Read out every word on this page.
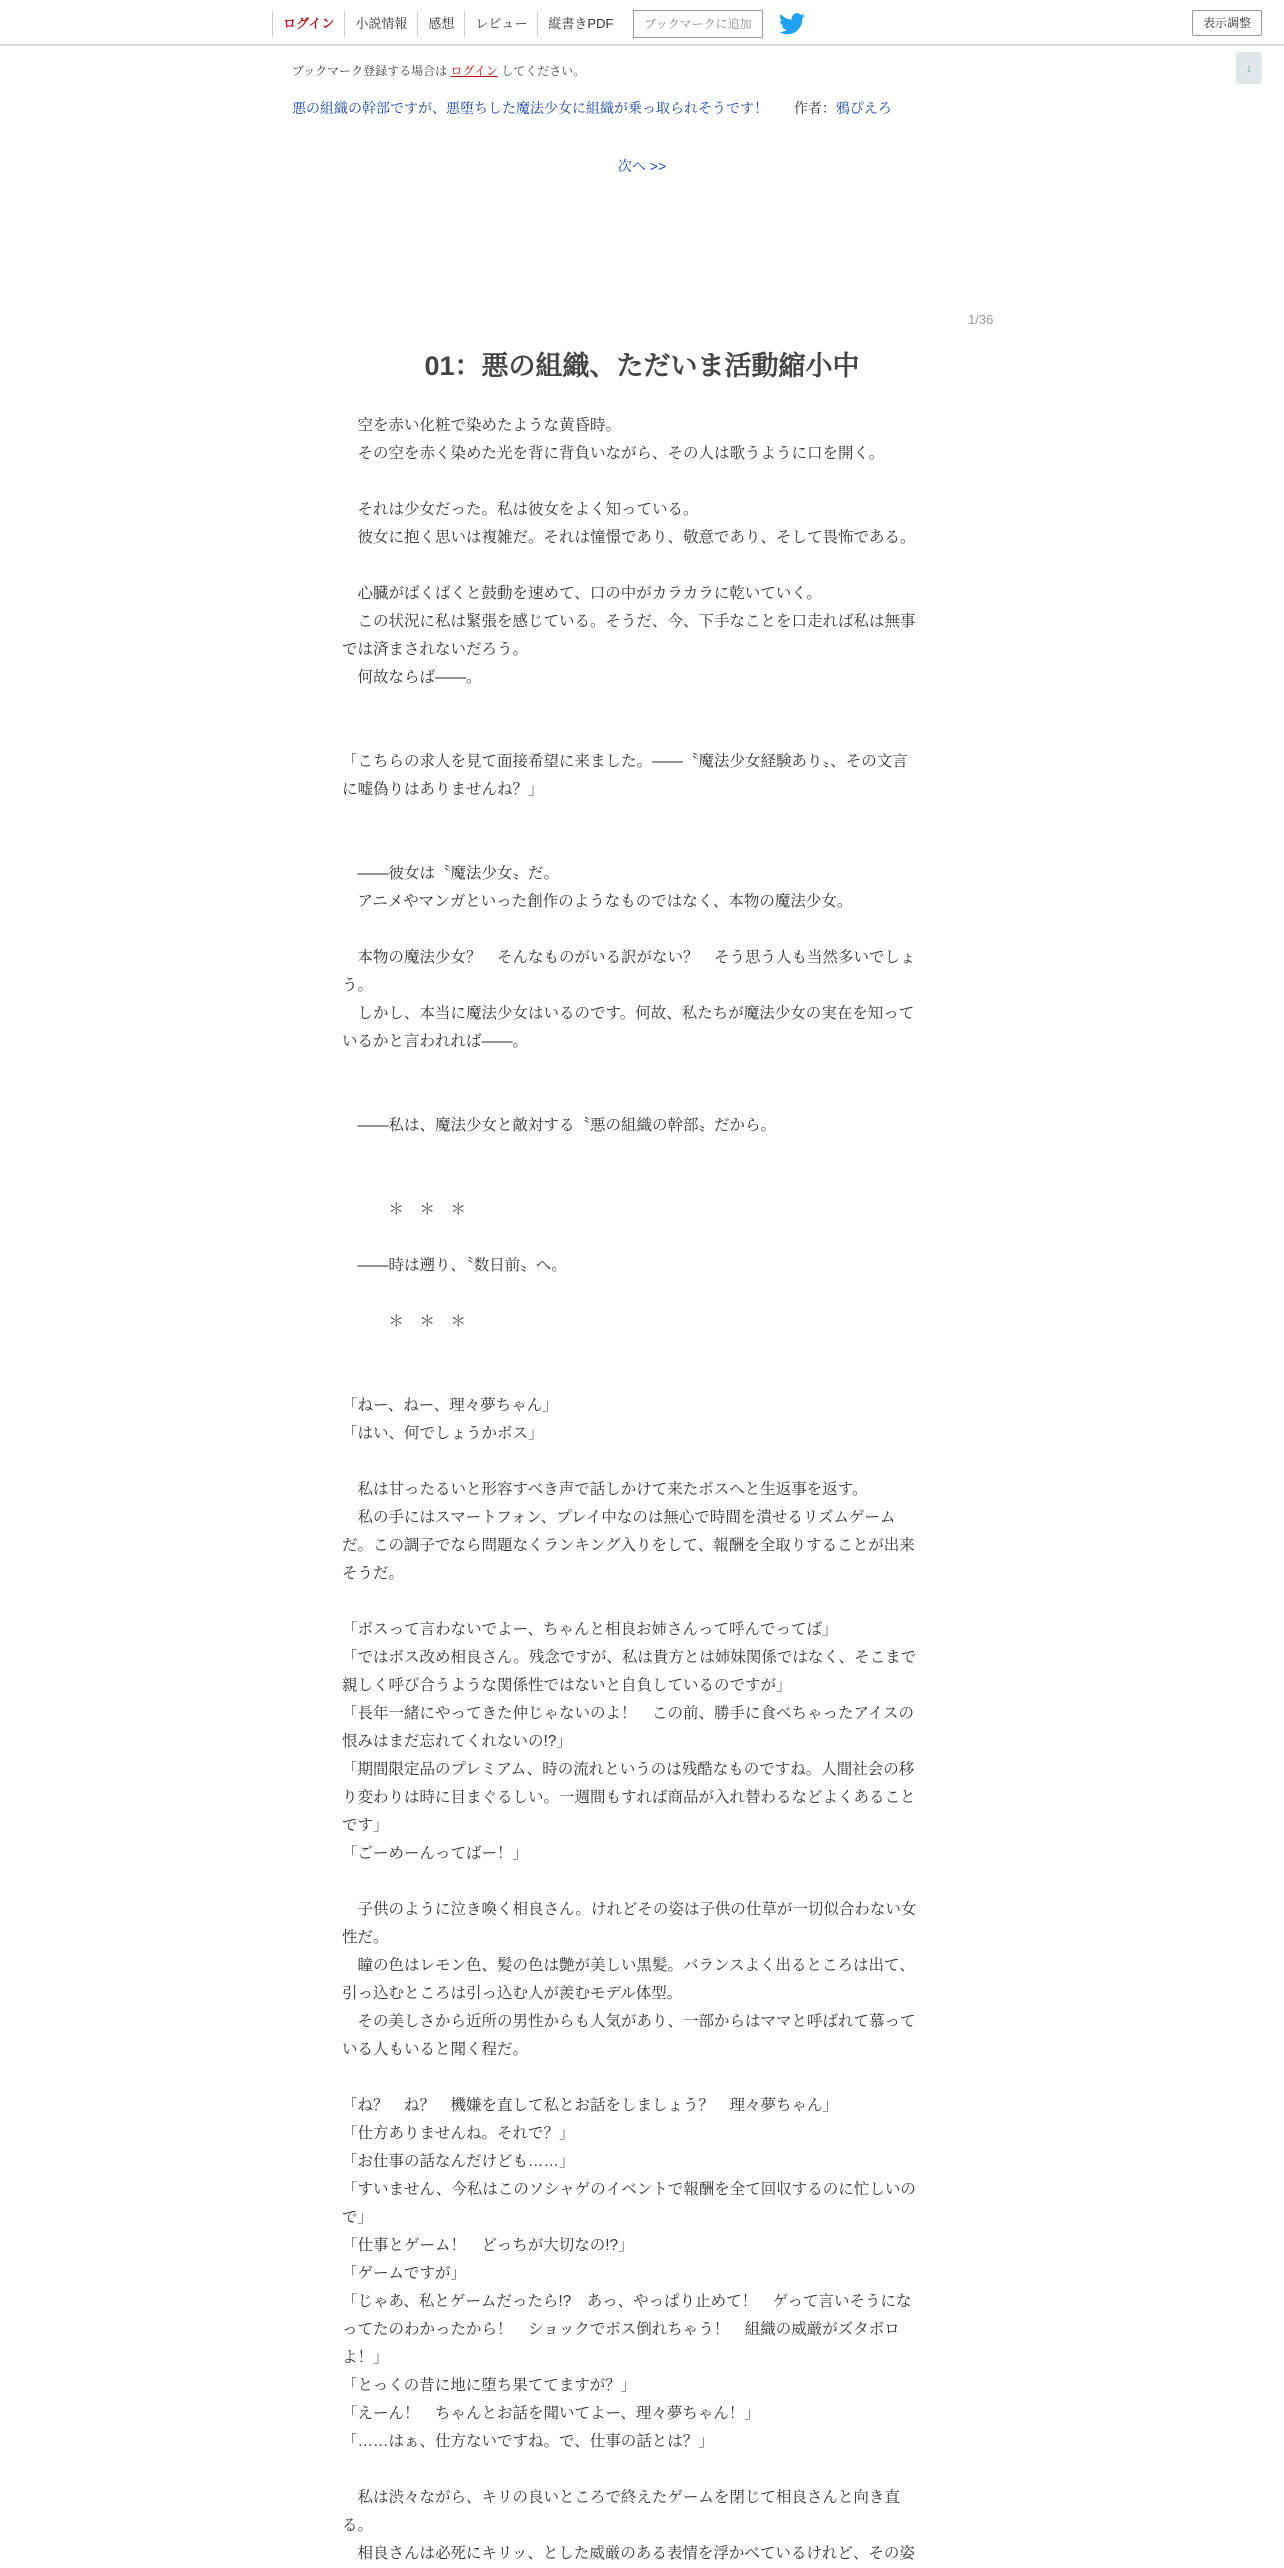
ログイン	小説情報	感想	レビュー	縦書きPDF	ブックマークに追加	表示調整
↓
ブックマーク登録する場合は ログイン してください。
悪の組織の幹部ですが、悪堕ちした魔法少女に組織が乗っ取られそうです！ 作者：鴉ぴえろ
次へ >>
1/36
01：悪の組織、ただいま活動縮小中

　空を赤い化粧で染めたような黄昏時。

　その空を赤く染めた光を背に背負いながら、その人は歌うように口を開く。

　それは少女だった。私は彼女をよく知っている。

　彼女に抱く思いは複雑だ。それは憧憬であり、敬意であり、そして畏怖である。

　心臓がばくばくと鼓動を速めて、口の中がカラカラに乾いていく。

　この状況に私は緊張を感じている。そうだ、今、下手なことを口走れば私は無事

では済まされないだろう。

　何故ならば――。

「こちらの求人を見て面接希望に来ました。――〝魔法少女経験あり〟、その文言

に嘘偽りはありませんね？」

　――彼女は〝魔法少女〟だ。

　アニメやマンガといった創作のようなものではなく、本物の魔法少女。

　本物の魔法少女？　そんなものがいる訳がない？　そう思う人も当然多いでしょ

う。

　しかし、本当に魔法少女はいるのです。何故、私たちが魔法少女の実在を知って

いるかと言われれば――。

　――私は、魔法少女と敵対する〝悪の組織の幹部〟だから。

　　　＊　＊　＊

　――時は遡り、〝数日前〟へ。

　　　＊　＊　＊

「ねー、ねー、理々夢ちゃん」

「はい、何でしょうかボス」

　私は甘ったるいと形容すべき声で話しかけて来たボスへと生返事を返す。

　私の手にはスマートフォン、プレイ中なのは無心で時間を潰せるリズムゲーム

だ。この調子でなら問題なくランキング入りをして、報酬を全取りすることが出来

そうだ。

「ボスって言わないでよー、ちゃんと相良お姉さんって呼んでってば」

「ではボス改め相良さん。残念ですが、私は貴方とは姉妹関係ではなく、そこまで

親しく呼び合うような関係性ではないと自負しているのですが」

「長年一緒にやってきた仲じゃないのよ！　この前、勝手に食べちゃったアイスの

恨みはまだ忘れてくれないの!?」

「期間限定品のプレミアム、時の流れというのは残酷なものですね。人間社会の移

り変わりは時に目まぐるしい。一週間もすれば商品が入れ替わるなどよくあること

です」

「ごーめーんってばー！」

　子供のように泣き喚く相良さん。けれどその姿は子供の仕草が一切似合わない女

性だ。

　瞳の色はレモン色、髪の色は艶が美しい黒髪。バランスよく出るところは出て、

引っ込むところは引っ込む人が羨むモデル体型。

　その美しさから近所の男性からも人気があり、一部からはママと呼ばれて慕って

いる人もいると聞く程だ。

「ね？　ね？　機嫌を直して私とお話をしましょう？　理々夢ちゃん」

「仕方ありませんね。それで？」

「お仕事の話なんだけども……」

「すいません、今私はこのソシャゲのイベントで報酬を全て回収するのに忙しいの

で」

「仕事とゲーム！　どっちが大切なの!?」

「ゲームですが」

「じゃあ、私とゲームだったら!?　あっ、やっぱり止めて！　ゲって言いそうにな

ってたのわかったから！　ショックでボス倒れちゃう！　組織の威厳がズタボロ

よ！」

「とっくの昔に地に堕ち果ててますが？」

「えーん！　ちゃんとお話を聞いてよー、理々夢ちゃん！」

「……はぁ、仕方ないですね。で、仕事の話とは？」

　私は渋々ながら、キリの良いところで終えたゲームを閉じて相良さんと向き直

る。

　相良さんは必死にキリッ、とした威厳のある表情を浮かべているけれど、その姿
